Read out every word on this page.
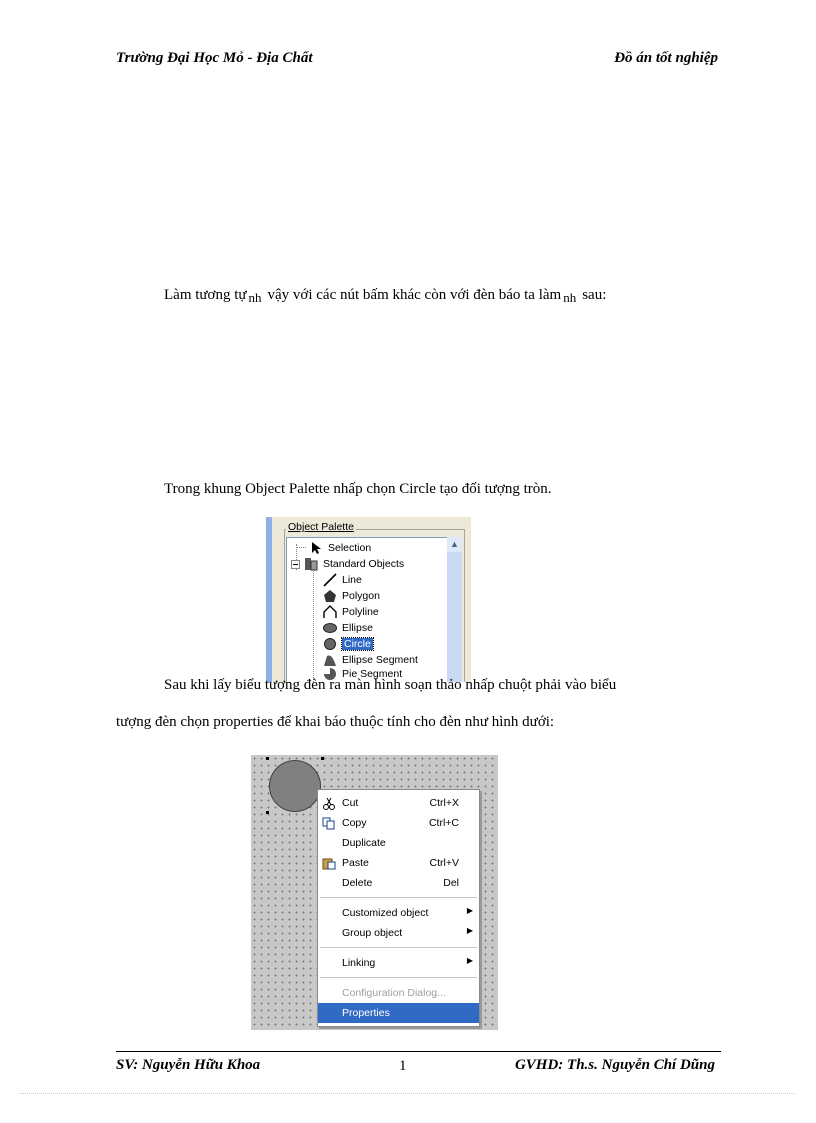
Trường Đại Học Mỏ - Địa Chất	Đồ án tốt nghiệp
Làm tương tự nh vậy với các nút bấm khác còn với đèn báo ta làm nh sau:
Trong khung Object Palette nhấp chọn Circle tạo đối tượng tròn.
Object Palette
Selection
Standard Objects
Line
Polygon
Polyline
Ellipse
Circle
Ellipse Segment
Pie Segment
▲
Sau khi lấy biểu tượng đèn ra màn hình soạn thảo nhấp chuột phải vào biểu
tượng đèn chọn properties để khai báo thuộc tính cho đèn như hình dưới:
Cut	Ctrl+X
Copy	Ctrl+C
Duplicate
Paste	Ctrl+V
Delete	Del
Customized object	▶
Group object	▶
Linking	▶
Configuration Dialog...
Properties
SV: Nguyễn Hữu Khoa	1	GVHD: Th.s. Nguyễn Chí Dũng
